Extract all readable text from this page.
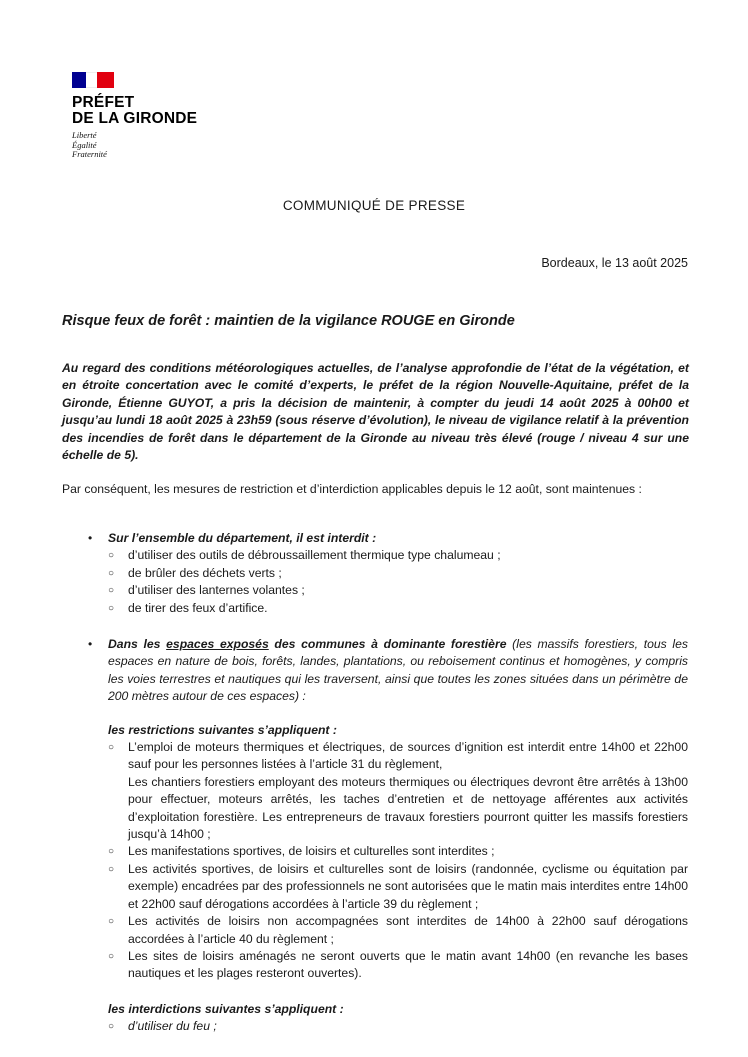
PRÉFET
DE LA GIRONDE
Liberté
Égalité
Fraternité
COMMUNIQUÉ DE PRESSE
Bordeaux, le 13 août 2025
Risque feux de forêt : maintien de la vigilance ROUGE en Gironde
Au regard des conditions météorologiques actuelles, de l’analyse approfondie de l’état de la végétation, et en étroite concertation avec le comité d’experts, le préfet de la région Nouvelle-Aquitaine, préfet de la Gironde, Étienne GUYOT, a pris la décision de maintenir, à compter du jeudi 14 août 2025 à 00h00 et jusqu’au lundi 18 août 2025 à 23h59 (sous réserve d’évolution), le niveau de vigilance relatif à la prévention des incendies de forêt dans le département de la Gironde au niveau très élevé (rouge / niveau 4 sur une échelle de 5).
Par conséquent, les mesures de restriction et d’interdiction applicables depuis le 12 août, sont maintenues :
• Sur l’ensemble du département, il est interdit :
○ d’utiliser des outils de débroussaillement thermique type chalumeau ;
○ de brûler des déchets verts ;
○ d’utiliser des lanternes volantes ;
○ de tirer des feux d’artifice.
• Dans les espaces exposés des communes à dominante forestière (les massifs forestiers, tous les espaces en nature de bois, forêts, landes, plantations, ou reboisement continus et homogènes, y compris les voies terrestres et nautiques qui les traversent, ainsi que toutes les zones situées dans un périmètre de 200 mètres autour de ces espaces) :
les restrictions suivantes s’appliquent :
○ L’emploi de moteurs thermiques et électriques, de sources d’ignition est interdit entre 14h00 et 22h00 sauf pour les personnes listées à l’article 31 du règlement,
Les chantiers forestiers employant des moteurs thermiques ou électriques devront être arrêtés à 13h00 pour effectuer, moteurs arrêtés, les taches d’entretien et de nettoyage afférentes aux activités d’exploitation forestière. Les entrepreneurs de travaux forestiers pourront quitter les massifs forestiers jusqu’à 14h00 ;
○ Les manifestations sportives, de loisirs et culturelles sont interdites ;
○ Les activités sportives, de loisirs et culturelles sont de loisirs (randonnée, cyclisme ou équitation par exemple) encadrées par des professionnels ne sont autorisées que le matin mais interdites entre 14h00 et 22h00 sauf dérogations accordées à l’article 39 du règlement ;
○ Les activités de loisirs non accompagnées sont interdites de 14h00 à 22h00 sauf dérogations accordées à l’article 40 du règlement ;
○ Les sites de loisirs aménagés ne seront ouverts que le matin avant 14h00 (en revanche les bases nautiques et les plages resteront ouvertes).
les interdictions suivantes s’appliquent :
○ d’utiliser du feu ;
